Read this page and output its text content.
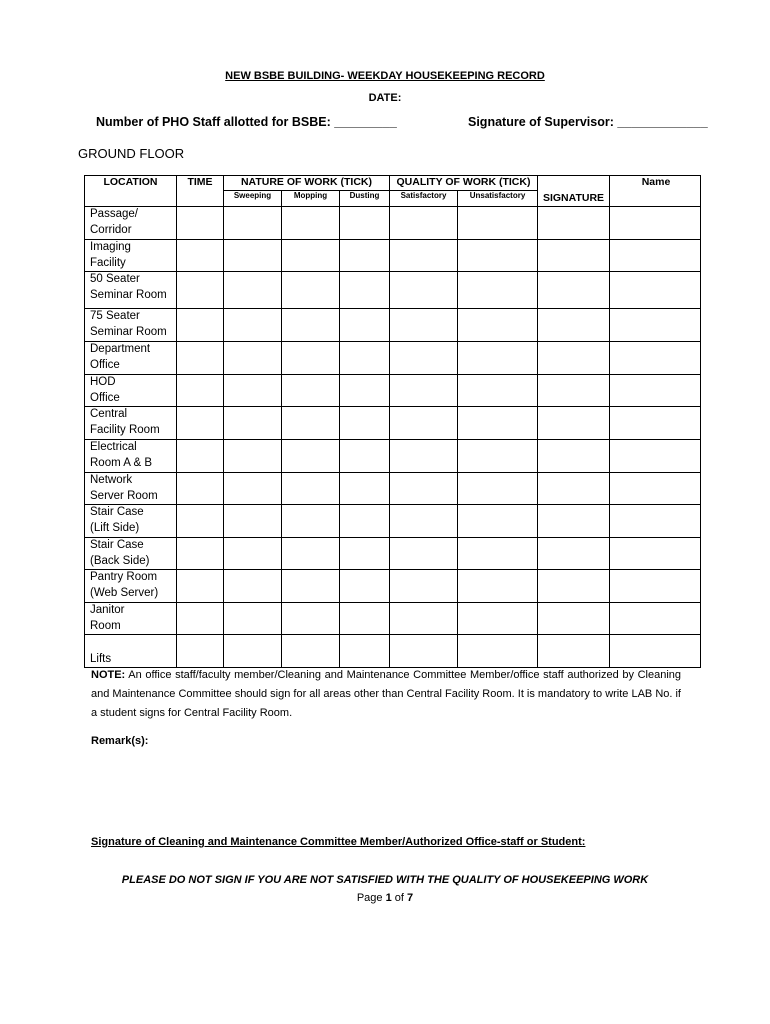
NEW BSBE BUILDING- WEEKDAY HOUSEKEEPING RECORD
DATE:
Number of PHO Staff allotted for BSBE: _________	Signature of Supervisor: _____________
GROUND FLOOR
LOCATION	TIME	NATURE OF WORK (TICK)			QUALITY OF WORK (TICK)		SIGNATURE	Name
		Sweeping	Mopping	Dusting	Satisfactory	Unsatisfactory		

Passage/
Corridor								

Imaging
Facility								

50 Seater
Seminar Room								

75 Seater
Seminar Room								

Department
Office								

HOD
Office								

Central
Facility Room								

Electrical
Room A & B								

Network
Server Room								

Stair Case
(Lift Side)								

Stair Case
(Back Side)								

Pantry Room
(Web Server)								

Janitor
Room								

Lifts								

NOTE: An office staff/faculty member/Cleaning and Maintenance Committee Member/office staff authorized by Cleaning and Maintenance Committee should sign for all areas other than Central Facility Room. It is mandatory to write LAB No. if a student signs for Central Facility Room.
Remark(s):
Signature of Cleaning and Maintenance Committee Member/Authorized Office-staff or Student:
PLEASE DO NOT SIGN IF YOU ARE NOT SATISFIED WITH THE QUALITY OF HOUSEKEEPING WORK
Page 1 of 7
